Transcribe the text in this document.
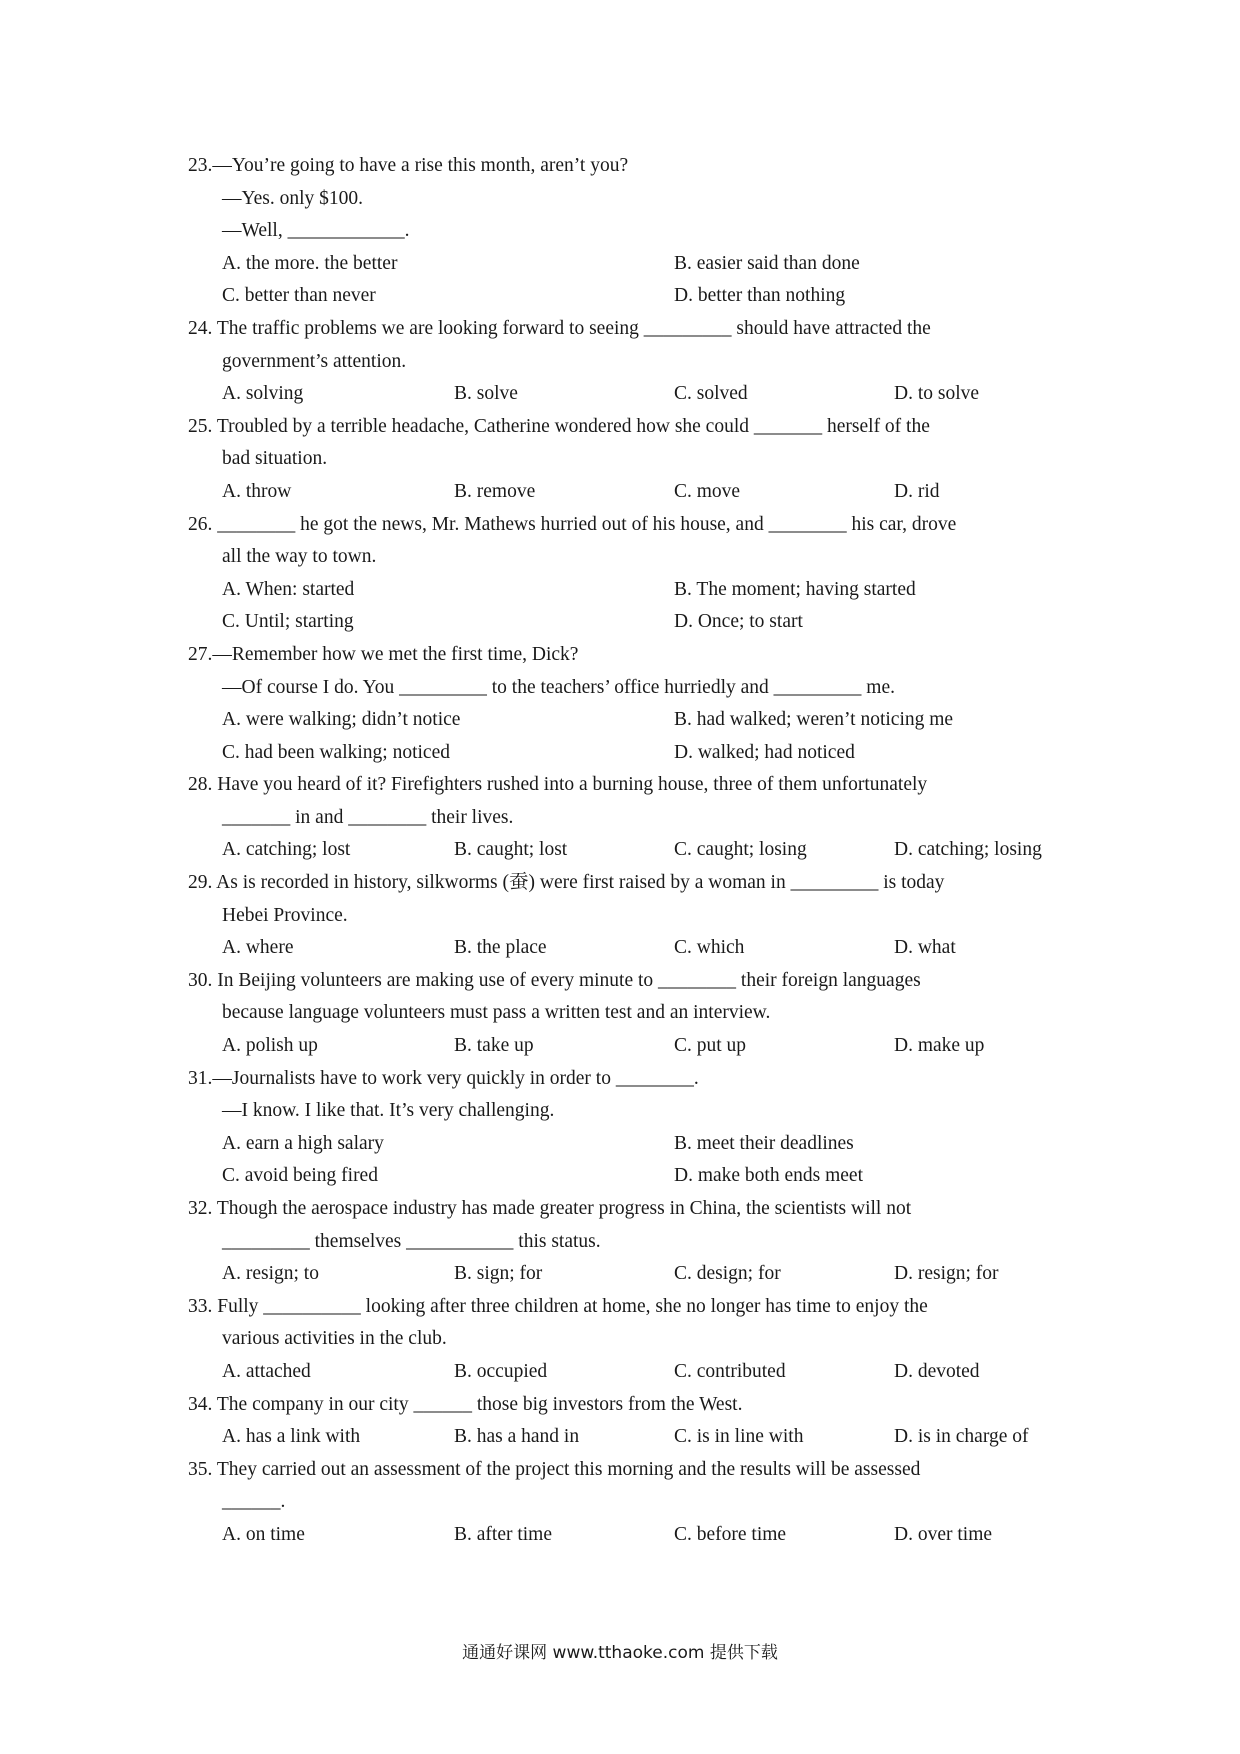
23.—You’re going to have a rise this month, aren’t you?
—Yes. only $100.
—Well, ____________.
A. the more. the better	B. easier said than done
C. better than never	D. better than nothing
24. The traffic problems we are looking forward to seeing _________ should have attracted the
government’s attention.
A. solving	B. solve	C. solved	D. to solve
25. Troubled by a terrible headache, Catherine wondered how she could _______ herself of the
bad situation.
A. throw	B. remove	C. move	D. rid
26. ________ he got the news, Mr. Mathews hurried out of his house, and ________ his car, drove
all the way to town.
A. When: started	B. The moment; having started
C. Until; starting	D. Once; to start
27.—Remember how we met the first time, Dick?
—Of course I do. You _________ to the teachers’ office hurriedly and _________ me.
A. were walking; didn’t notice	B. had walked; weren’t noticing me
C. had been walking; noticed	D. walked; had noticed
28. Have you heard of it? Firefighters rushed into a burning house, three of them unfortunately
_______ in and ________ their lives.
A. catching; lost	B. caught; lost	C. caught; losing	D. catching; losing
29. As is recorded in history, silkworms (蚕) were first raised by a woman in _________ is today
Hebei Province.
A. where	B. the place	C. which	D. what
30. In Beijing volunteers are making use of every minute to ________ their foreign languages
because language volunteers must pass a written test and an interview.
A. polish up	B. take up	C. put up	D. make up
31.—Journalists have to work very quickly in order to ________.
—I know. I like that. It’s very challenging.
A. earn a high salary	B. meet their deadlines
C. avoid being fired	D. make both ends meet
32. Though the aerospace industry has made greater progress in China, the scientists will not
_________ themselves ___________ this status.
A. resign; to	B. sign; for	C. design; for	D. resign; for
33. Fully __________ looking after three children at home, she no longer has time to enjoy the
various activities in the club.
A. attached	B. occupied	C. contributed	D. devoted
34. The company in our city ______ those big investors from the West.
A. has a link with	B. has a hand in	C. is in line with	D. is in charge of
35. They carried out an assessment of the project this morning and the results will be assessed
______.
A. on time	B. after time	C. before time	D. over time
通通好课网 www.tthaoke.com 提供下载
